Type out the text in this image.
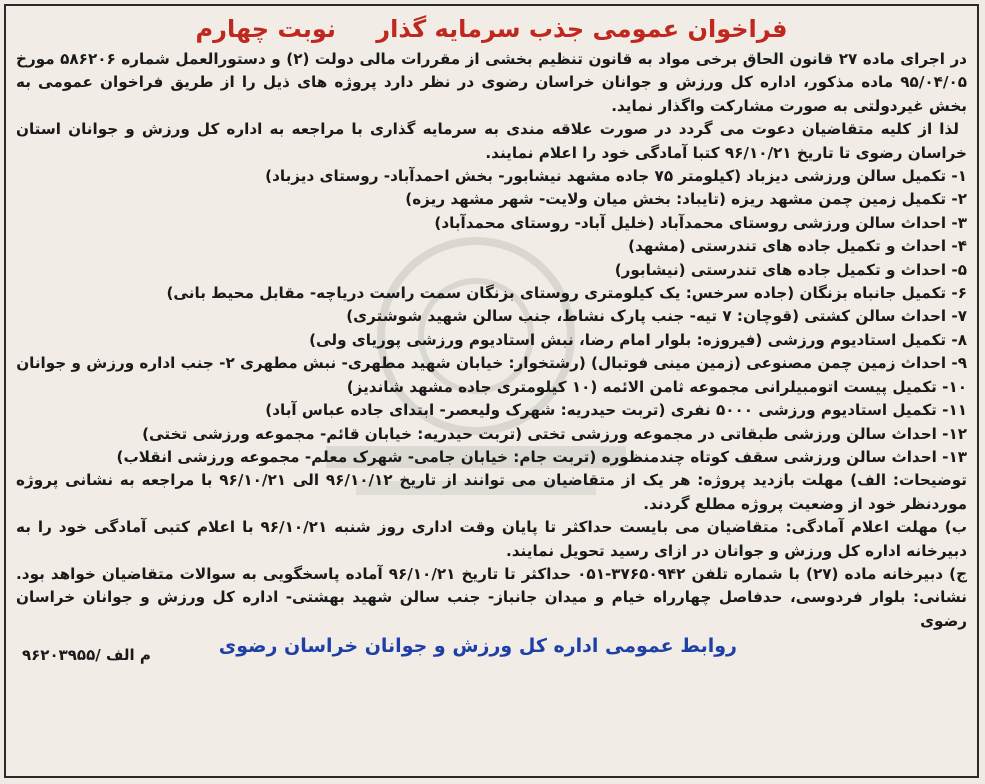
فراخوان عمومی جذب سرمایه گذار نوبت چهارم

در اجرای ماده ۲۷ قانون الحاق برخی مواد به قانون تنظیم بخشی از مقررات مالی دولت (۲) و دستورالعمل شماره ۵۸۶۲۰۶ مورخ ۹۵/۰۴/۰۵ ماده مذکور، اداره کل ورزش و جوانان خراسان رضوی در نظر دارد پروژه های ذیل را از طریق فراخوان عمومی به بخش غیردولتی به صورت مشارکت واگذار نماید.

لذا از کلیه متقاضیان دعوت می گردد در صورت علاقه مندی به سرمایه گذاری با مراجعه به اداره کل ورزش و جوانان استان خراسان رضوی تا تاریخ ۹۶/۱۰/۲۱ کتبا آمادگی خود را اعلام نمایند.

۱- تکمیل سالن ورزشی دیزباد (کیلومتر ۷۵ جاده مشهد نیشابور- بخش احمدآباد- روستای دیزباد)

۲- تکمیل زمین چمن مشهد ریزه (تایباد: بخش میان ولایت- شهر مشهد ریزه)

۳- احداث سالن ورزشی روستای محمدآباد (خلیل آباد- روستای محمدآباد)

۴- احداث و تکمیل جاده های تندرستی (مشهد)

۵- احداث و تکمیل جاده های تندرستی (نیشابور)

۶- تکمیل جانباه بزنگان (جاده سرخس: یک کیلومتری روستای بزنگان سمت راست دریاچه- مقابل محیط بانی)

۷- احداث سالن کشتی (قوچان: ۷ تیه- جنب پارک نشاط، جنب سالن شهید شوشتری)

۸- تکمیل استادیوم ورزشی (فیروزه: بلوار امام رضا، نبش استادیوم ورزشی پوریای ولی)

۹- احداث زمین چمن مصنوعی (زمین مینی فوتبال) (رشتخوار: خیابان شهید مطهری- نبش مطهری ۲- جنب اداره ورزش و جوانان

۱۰- تکمیل پیست اتومبیلرانی مجموعه ثامن الائمه (۱۰ کیلومتری جاده مشهد شاندیز)

۱۱- تکمیل استادیوم ورزشی ۵۰۰۰ نفری (تربت حیدریه: شهرک ولیعصر- ابتدای جاده عباس آباد)

۱۲- احداث سالن ورزشی طبقاتی در مجموعه ورزشی تختی (تربت حیدریه: خیابان قائم- مجموعه ورزشی تختی)

۱۳- احداث سالن ورزشی سقف کوتاه چندمنظوره (تربت جام: خیابان جامی- شهرک معلم- مجموعه ورزشی انقلاب)

توضیحات: الف) مهلت بازدید پروژه: هر یک از متقاضیان می توانند از تاریخ ۹۶/۱۰/۱۲ الی ۹۶/۱۰/۲۱ با مراجعه به نشانی پروژه موردنظر خود از وضعیت پروژه مطلع گردند.

ب) مهلت اعلام آمادگی: متقاضیان می بایست حداکثر تا پایان وقت اداری روز شنبه ۹۶/۱۰/۲۱ با اعلام کتبی آمادگی خود را به دبیرخانه اداره کل ورزش و جوانان در ازای رسید تحویل نمایند.

ج) دبیرخانه ماده (۲۷) با شماره تلفن ۳۷۶۵۰۹۴۲-۰۵۱ حداکثر تا تاریخ ۹۶/۱۰/۲۱ آماده پاسخگویی به سوالات متقاضیان خواهد بود. نشانی: بلوار فردوسی، حدفاصل چهارراه خیام و میدان جانباز- جنب سالن شهید بهشتی- اداره کل ورزش و جوانان خراسان رضوی

روابط عمومی اداره کل ورزش و جوانان خراسان رضوی
۹۶۲۰۳۹۵۵/ م الف
